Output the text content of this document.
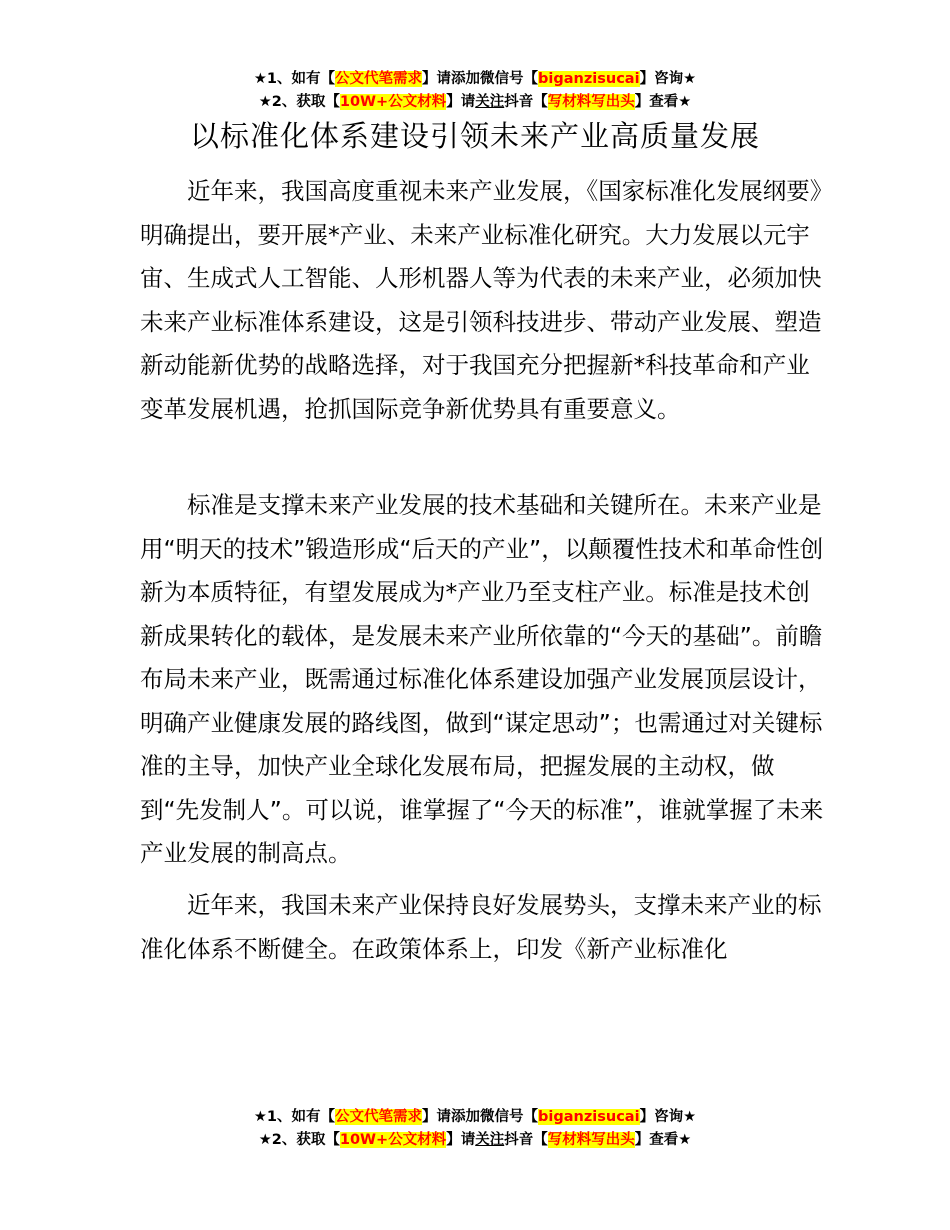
★1、如有【公文代笔需求】请添加微信号【biganzisucai】咨询★
★2、获取【10W+公文材料】请关注抖音【写材料写出头】查看★
以标准化体系建设引领未来产业高质量发展

近年来，我国高度重视未来产业发展，《国家标准化发展纲要》明确提出，要开展*产业、未来产业标准化研究。大力发展以元宇宙、生成式人工智能、人形机器人等为代表的未来产业，必须加快未来产业标准体系建设，这是引领科技进步、带动产业发展、塑造新动能新优势的战略选择，对于我国充分把握新*科技革命和产业变革发展机遇，抢抓国际竞争新优势具有重要意义。

标准是支撑未来产业发展的技术基础和关键所在。未来产业是用“明天的技术”锻造形成“后天的产业”，以颠覆性技术和革命性创新为本质特征，有望发展成为*产业乃至支柱产业。标准是技术创新成果转化的载体，是发展未来产业所依靠的“今天的基础”。前瞻布局未来产业，既需通过标准化体系建设加强产业发展顶层设计，明确产业健康发展的路线图，做到“谋定思动”；也需通过对关键标准的主导，加快产业全球化发展布局，把握发展的主动权，做到“先发制人”。可以说，谁掌握了“今天的标准”，谁就掌握了未来产业发展的制高点。

近年来，我国未来产业保持良好发展势头，支撑未来产业的标准化体系不断健全。在政策体系上，印发《新产业标准化

★1、如有【公文代笔需求】请添加微信号【biganzisucai】咨询★
★2、获取【10W+公文材料】请关注抖音【写材料写出头】查看★
